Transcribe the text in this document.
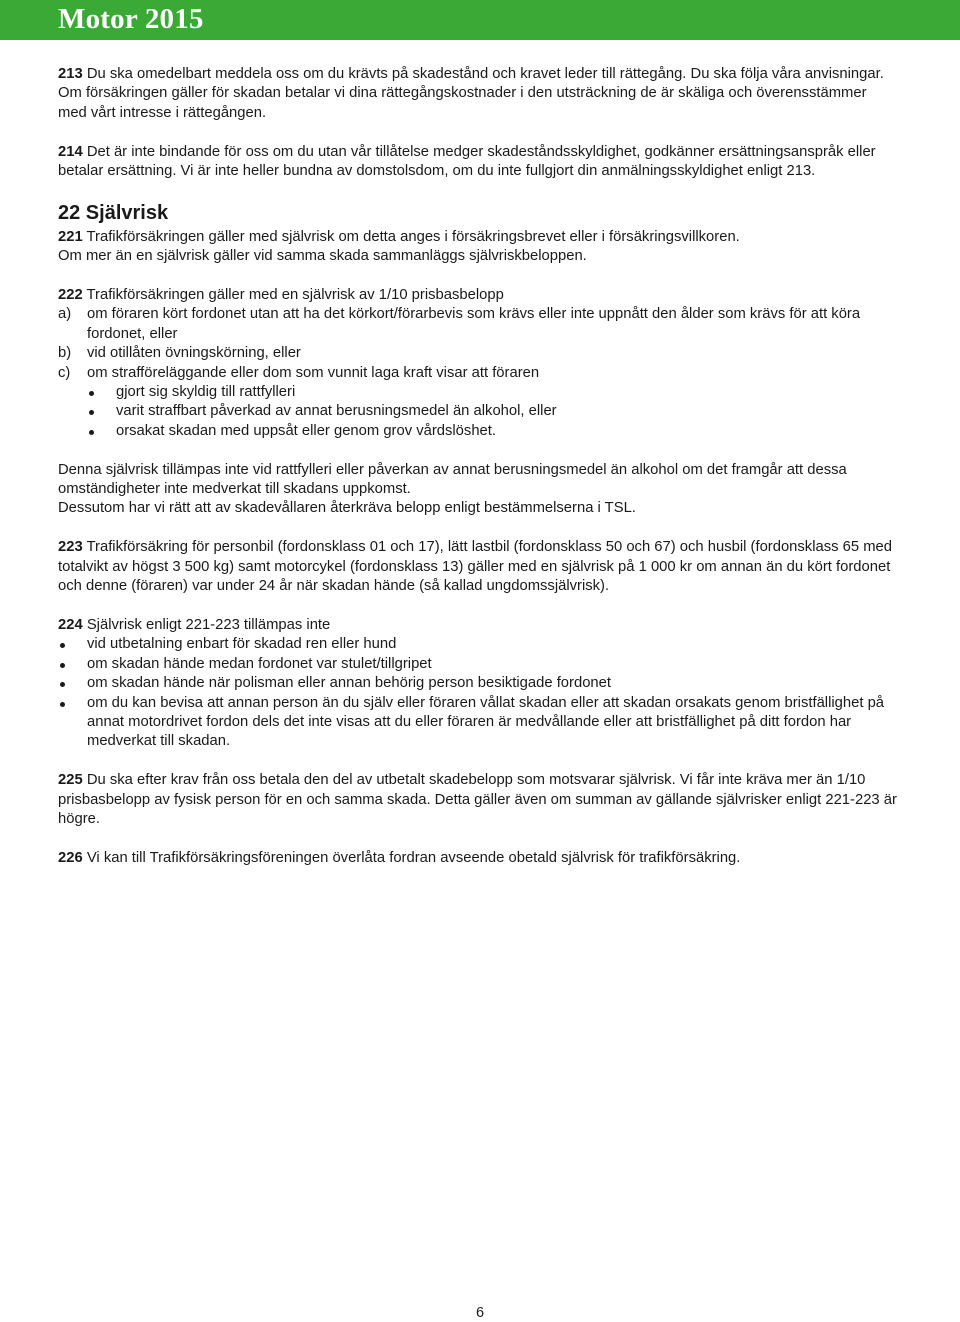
Motor 2015

213 Du ska omedelbart meddela oss om du krävts på skadestånd och kravet leder till rättegång. Du ska följa våra anvisningar. Om försäkringen gäller för skadan betalar vi dina rättegångskostnader i den utsträckning de är skäliga och överensstämmer med vårt intresse i rättegången.

214 Det är inte bindande för oss om du utan vår tillåtelse medger skadeståndsskyldighet, godkänner ersättningsanspråk eller betalar ersättning. Vi är inte heller bundna av domstolsdom, om du inte fullgjort din anmälningsskyldighet enligt 213.

22 Självrisk

221 Trafikförsäkringen gäller med självrisk om detta anges i försäkringsbrevet eller i försäkringsvillkoren.

Om mer än en självrisk gäller vid samma skada sammanläggs självriskbeloppen.

222 Trafikförsäkringen gäller med en självrisk av 1/10 prisbasbelopp

a)	om föraren kört fordonet utan att ha det körkort/förarbevis som krävs eller inte uppnått den ålder som krävs för att köra fordonet, eller
b)	vid otillåten övningskörning, eller
c)	om strafföreläggande eller dom som vunnit laga kraft visar att föraren
gjort sig skyldig till rattfylleri
varit straffbart påverkad av annat berusningsmedel än alkohol, eller
orsakat skadan med uppsåt eller genom grov vårdslöshet.

Denna självrisk tillämpas inte vid rattfylleri eller påverkan av annat berusningsmedel än alkohol om det framgår att dessa omständigheter inte medverkat till skadans uppkomst.

Dessutom har vi rätt att av skadevållaren återkräva belopp enligt bestämmelserna i TSL.

223 Trafikförsäkring för personbil (fordonsklass 01 och 17), lätt lastbil (fordonsklass 50 och 67) och husbil (fordonsklass 65 med totalvikt av högst 3 500 kg) samt motorcykel (fordonsklass 13) gäller med en självrisk på 1 000 kr om annan än du kört fordonet och denne (föraren) var under 24 år när skadan hände (så kallad ungdomssjälvrisk).

224 Självrisk enligt 221-223 tillämpas inte

vid utbetalning enbart för skadad ren eller hund
om skadan hände medan fordonet var stulet/tillgripet
om skadan hände när polisman eller annan behörig person besiktigade fordonet
om du kan bevisa att annan person än du själv eller föraren vållat skadan eller att skadan orsakats genom bristfällighet på annat motordrivet fordon dels det inte visas att du eller föraren är medvållande eller att bristfällighet på ditt fordon har medverkat till skadan.

225 Du ska efter krav från oss betala den del av utbetalt skadebelopp som motsvarar självrisk. Vi får inte kräva mer än 1/10 prisbasbelopp av fysisk person för en och samma skada. Detta gäller även om summan av gällande självrisker enligt 221-223 är högre.

226 Vi kan till Trafikförsäkringsföreningen överlåta fordran avseende obetald självrisk för trafikförsäkring.

6
